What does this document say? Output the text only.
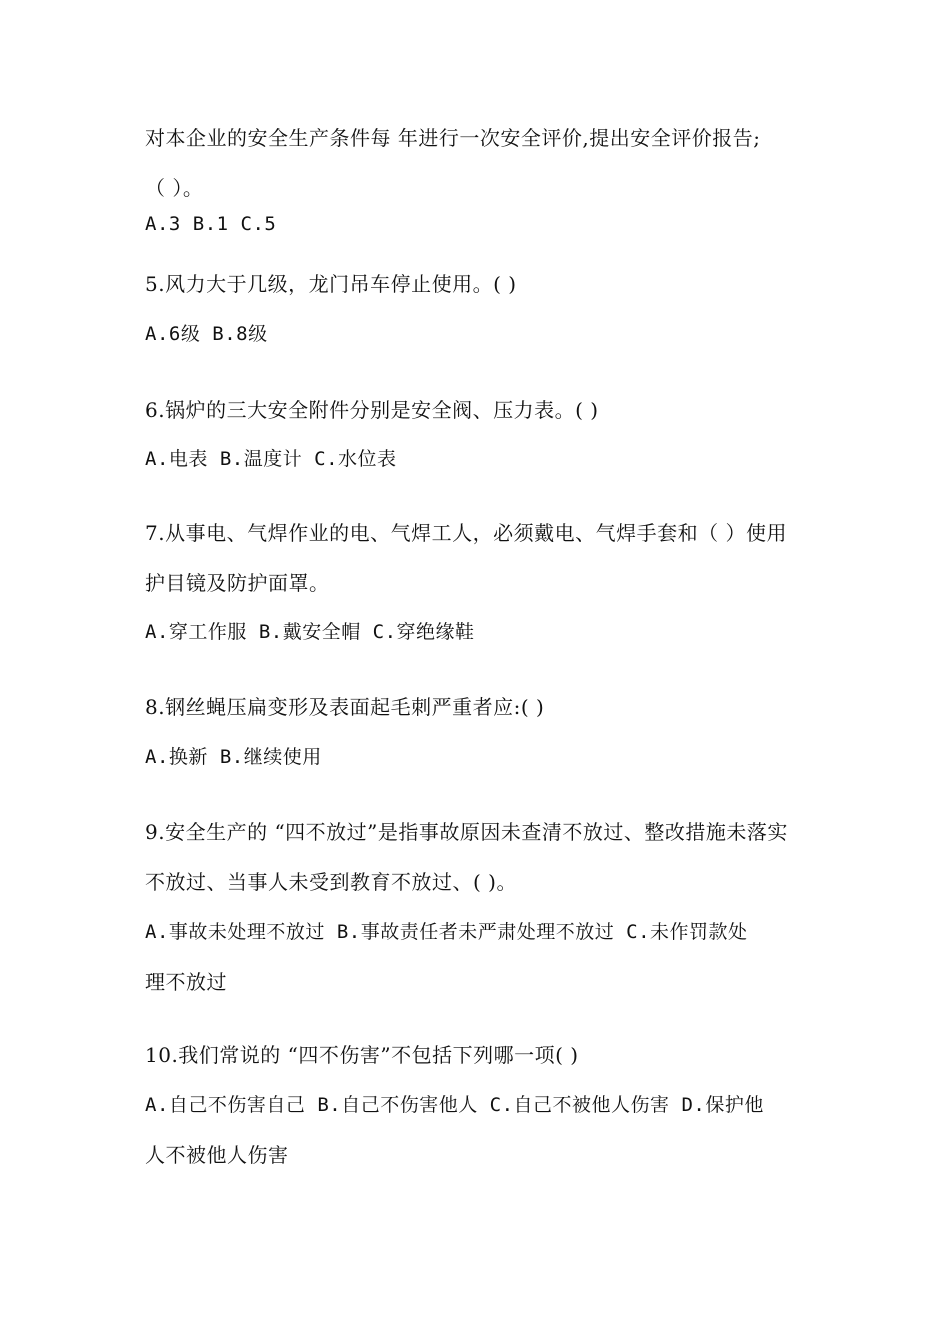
对本企业的安全生产条件每 年进行一次安全评价,提出安全评价报告;
（ ）。
A.3 B.1 C.5
5.风力大于几级，龙门吊车停止使用。( )
A.6级 B.8级
6.锅炉的三大安全附件分别是安全阀、压力表。( )
A.电表 B.温度计 C.水位表
7.从事电、气焊作业的电、气焊工人，必须戴电、气焊手套和（ ）使用
护目镜及防护面罩。
A.穿工作服 B.戴安全帽 C.穿绝缘鞋
8.钢丝蝇压扁变形及表面起毛刺严重者应:( )
A.换新 B.继续使用
9.安全生产的 “四不放过”是指事故原因未查清不放过、整改措施未落实
不放过、当事人未受到教育不放过、( )。
A.事故未处理不放过 B.事故责任者未严肃处理不放过 C.未作罚款处
理不放过
10.我们常说的 “四不伤害”不包括下列哪一项( )
A.自己不伤害自己 B.自己不伤害他人 C.自己不被他人伤害 D.保护他
人不被他人伤害
